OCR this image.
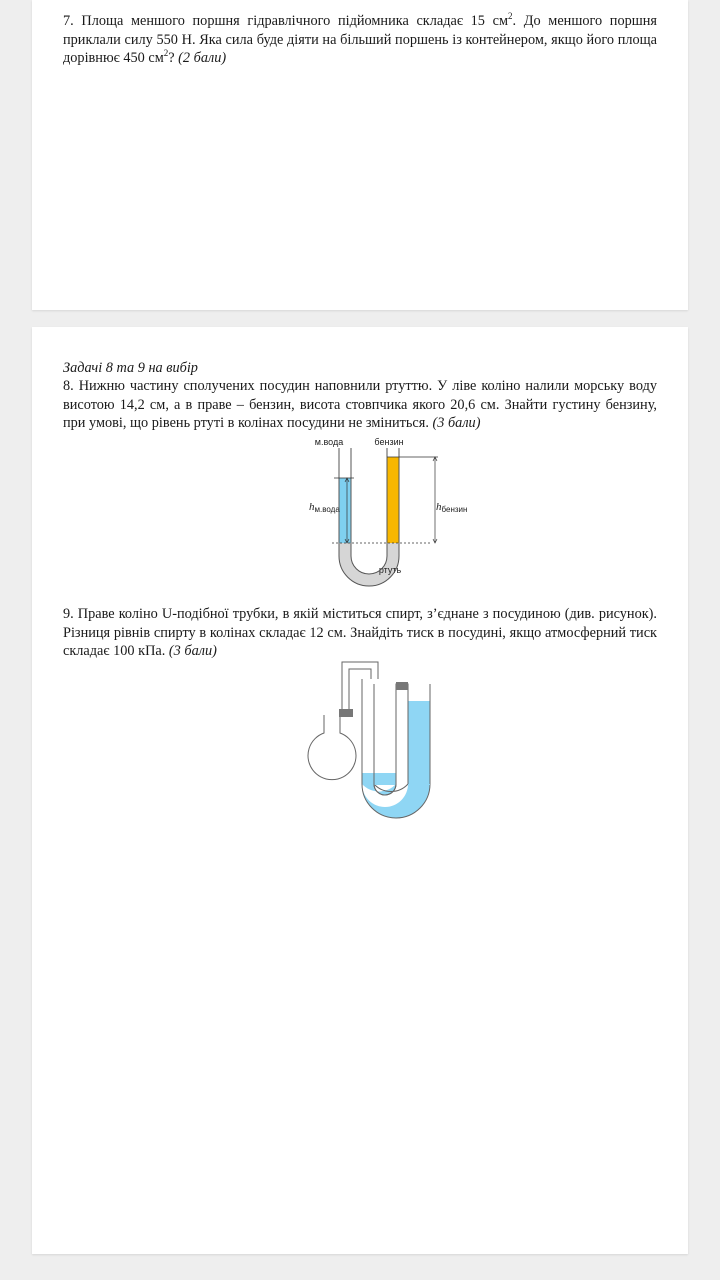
7. Площа меншого поршня гідравлічного підйомника складає 15 $см^2$. До меншого поршня приклали силу 550 Н. Яка сила буде діяти на більший поршень із контейнером, якщо його площа дорівнює 450 $см^2$? (2 бали)

Задачі 8 та 9 на вибір

8. Нижню частину сполучених посудин наповнили ртуттю. У ліве коліно налили морську воду висотою 14,2 см, а в праве – бензин, висота стовпчика якого 20,6 см. Знайти густину бензину, при умові, що рівень ртуті в колінах посудини не зміниться. (3 бали)

м.вода	бензин
ртуть
hм.вода	hбензин

9. Праве коліно U-подібної трубки, в якій міститься спирт, з’єднане з посудиною (див. рисунок). Різниця рівнів спирту в колінах складає 12 см. Знайдіть тиск в посудині, якщо атмосферний тиск складає 100 кПа. (3 бали)
